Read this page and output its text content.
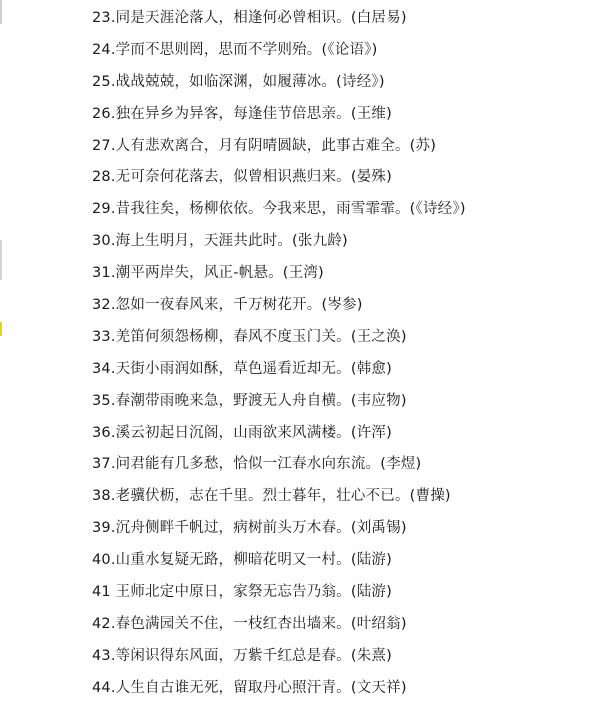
23.同是天涯沦落人，相逢何必曾相识。(白居易)
24.学而不思则罔，思而不学则殆。(《论语》)
25.战战兢兢，如临深渊，如履薄冰。(诗经》)
26.独在异乡为异客，每逢佳节倍思亲。(王维)
27.人有悲欢离合，月有阴晴圆缺，此事古难全。(苏)
28.无可奈何花落去，似曾相识燕归来。(晏殊)
29.昔我往矣，杨柳依依。今我来思，雨雪霏霏。(《诗经》)
30.海上生明月，天涯共此时。(张九龄)
31.潮平两岸失，风正-帆悬。(王湾)
32.忽如一夜春风来，千万树花开。(岑参)
33.羌笛何须怨杨柳，春风不度玉门关。(王之涣)
34.天街小雨润如酥，草色遥看近却无。(韩愈)
35.春潮带雨晚来急，野渡无人舟自横。(韦应物)
36.溪云初起日沉阁，山雨欲来风满楼。(许浑)
37.问君能有几多愁，恰似一江春水向东流。(李煜)
38.老骥伏枥，志在千里。烈士暮年，壮心不已。(曹操)
39.沉舟侧畔千帆过，病树前头万木春。(刘禹锡)
40.山重水复疑无路，柳暗花明又一村。(陆游)
41 王师北定中原日，家祭无忘告乃翁。(陆游)
42.春色满园关不住，一枝红杏出墙来。(叶绍翁)
43.等闲识得东风面，万紫千红总是春。(朱熹)
44.人生自古谁无死，留取丹心照汗青。(文天祥)
